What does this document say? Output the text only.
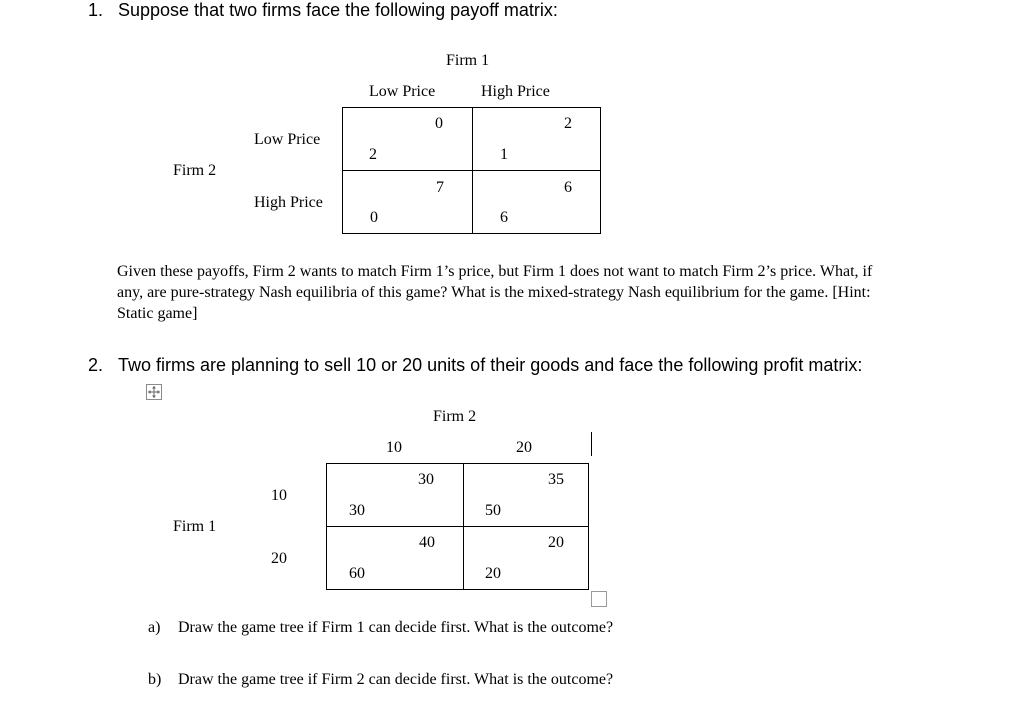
1. Suppose that two firms face the following payoff matrix:
Firm 1
Low Price	High Price
Low Price
Firm 2
High Price
0
2
2
1
7
0
6
6
Given these payoffs, Firm 2 wants to match Firm 1’s price, but Firm 1 does not want to match Firm 2’s price. What, if any, are pure-strategy Nash equilibria of this game? What is the mixed-strategy Nash equilibrium for the game. [Hint: Static game]
2. Two firms are planning to sell 10 or 20 units of their goods and face the following profit matrix:
Firm 2
10	20
10
Firm 1
20
30
30
35
50
40
60
20
20
a) Draw the game tree if Firm 1 can decide first. What is the outcome?
b) Draw the game tree if Firm 2 can decide first. What is the outcome?
